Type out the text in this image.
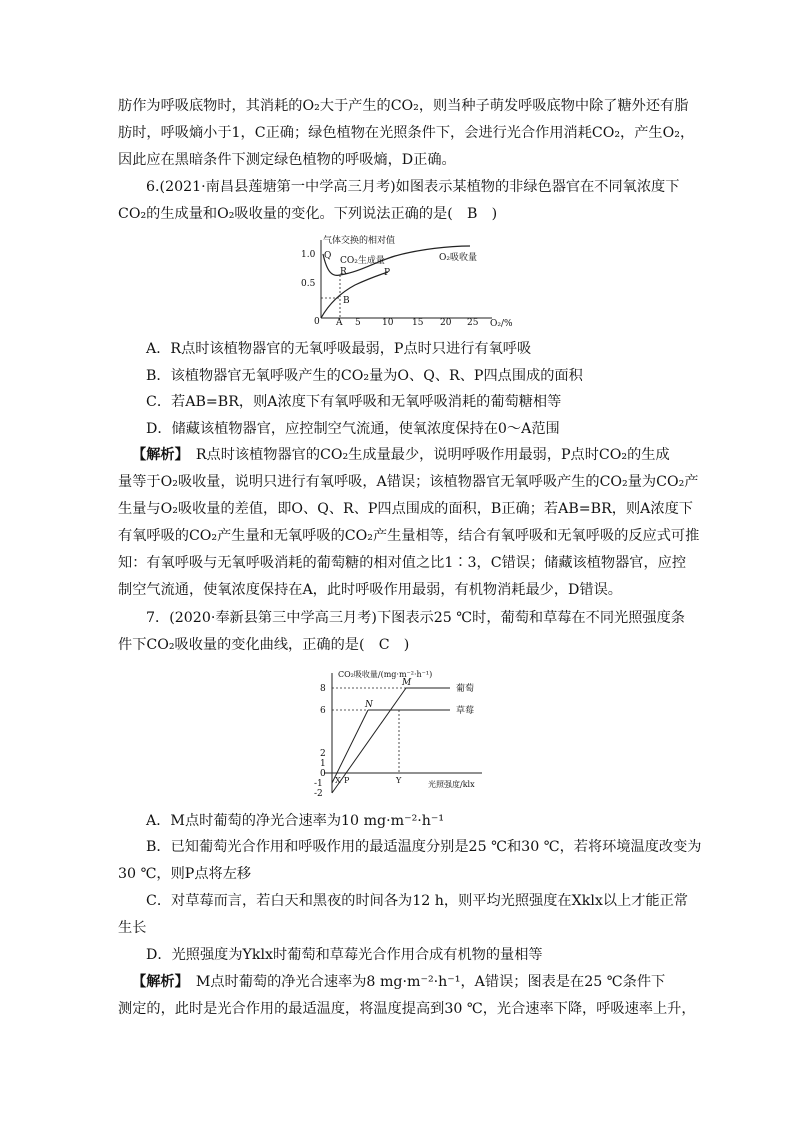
肪作为呼吸底物时，其消耗的O₂大于产生的CO₂，则当种子萌发呼吸底物中除了糖外还有脂
肪时，呼吸熵小于1，C正确；绿色植物在光照条件下，会进行光合作用消耗CO₂，产生O₂，
因此应在黑暗条件下测定绿色植物的呼吸熵，D正确。
6.(2021·南昌县莲塘第一中学高三月考)如图表示某植物的非绿色器官在不同氧浓度下
CO₂的生成量和O₂吸收量的变化。下列说法正确的是(　B　)
气体交换的相对值
1.0
0.5
0 A 5 10 15 20 25 O₂/%
Q
R	P
B
CO₂生成量	O₂吸收量
A．R点时该植物器官的无氧呼吸最弱，P点时只进行有氧呼吸
B．该植物器官无氧呼吸产生的CO₂量为O、Q、R、P四点围成的面积
C．若AB=BR，则A浓度下有氧呼吸和无氧呼吸消耗的葡萄糖相等
D．储藏该植物器官，应控制空气流通，使氧浓度保持在0～A范围
【解析】　R点时该植物器官的CO₂生成量最少，说明呼吸作用最弱，P点时CO₂的生成
量等于O₂吸收量，说明只进行有氧呼吸，A错误；该植物器官无氧呼吸产生的CO₂量为CO₂产
生量与O₂吸收量的差值，即O、Q、R、P四点围成的面积，B正确；若AB=BR，则A浓度下
有氧呼吸的CO₂产生量和无氧呼吸的CO₂产生量相等，结合有氧呼吸和无氧呼吸的反应式可推
知：有氧呼吸与无氧呼吸消耗的葡萄糖的相对值之比1∶3，C错误；储藏该植物器官，应控
制空气流通，使氧浓度保持在A，此时呼吸作用最弱，有机物消耗最少，D错误。
7．(2020·奉新县第三中学高三月考)下图表示25 ℃时，葡萄和草莓在不同光照强度条
件下CO₂吸收量的变化曲线，正确的是(　C　)
CO₂吸收量/(mg·m⁻²·h⁻¹)
8
6
2
1
0
-1
-2
M
N
X P	Y
葡萄
草莓
光照强度/klx
A．M点时葡萄的净光合速率为10 mg·m⁻²·h⁻¹
B．已知葡萄光合作用和呼吸作用的最适温度分别是25 ℃和30 ℃，若将环境温度改变为
30 ℃，则P点将左移
C．对草莓而言，若白天和黑夜的时间各为12 h，则平均光照强度在Xklx以上才能正常
生长
D．光照强度为Yklx时葡萄和草莓光合作用合成有机物的量相等
【解析】　M点时葡萄的净光合速率为8 mg·m⁻²·h⁻¹，A错误；图表是在25 ℃条件下
测定的，此时是光合作用的最适温度，将温度提高到30 ℃，光合速率下降，呼吸速率上升，
